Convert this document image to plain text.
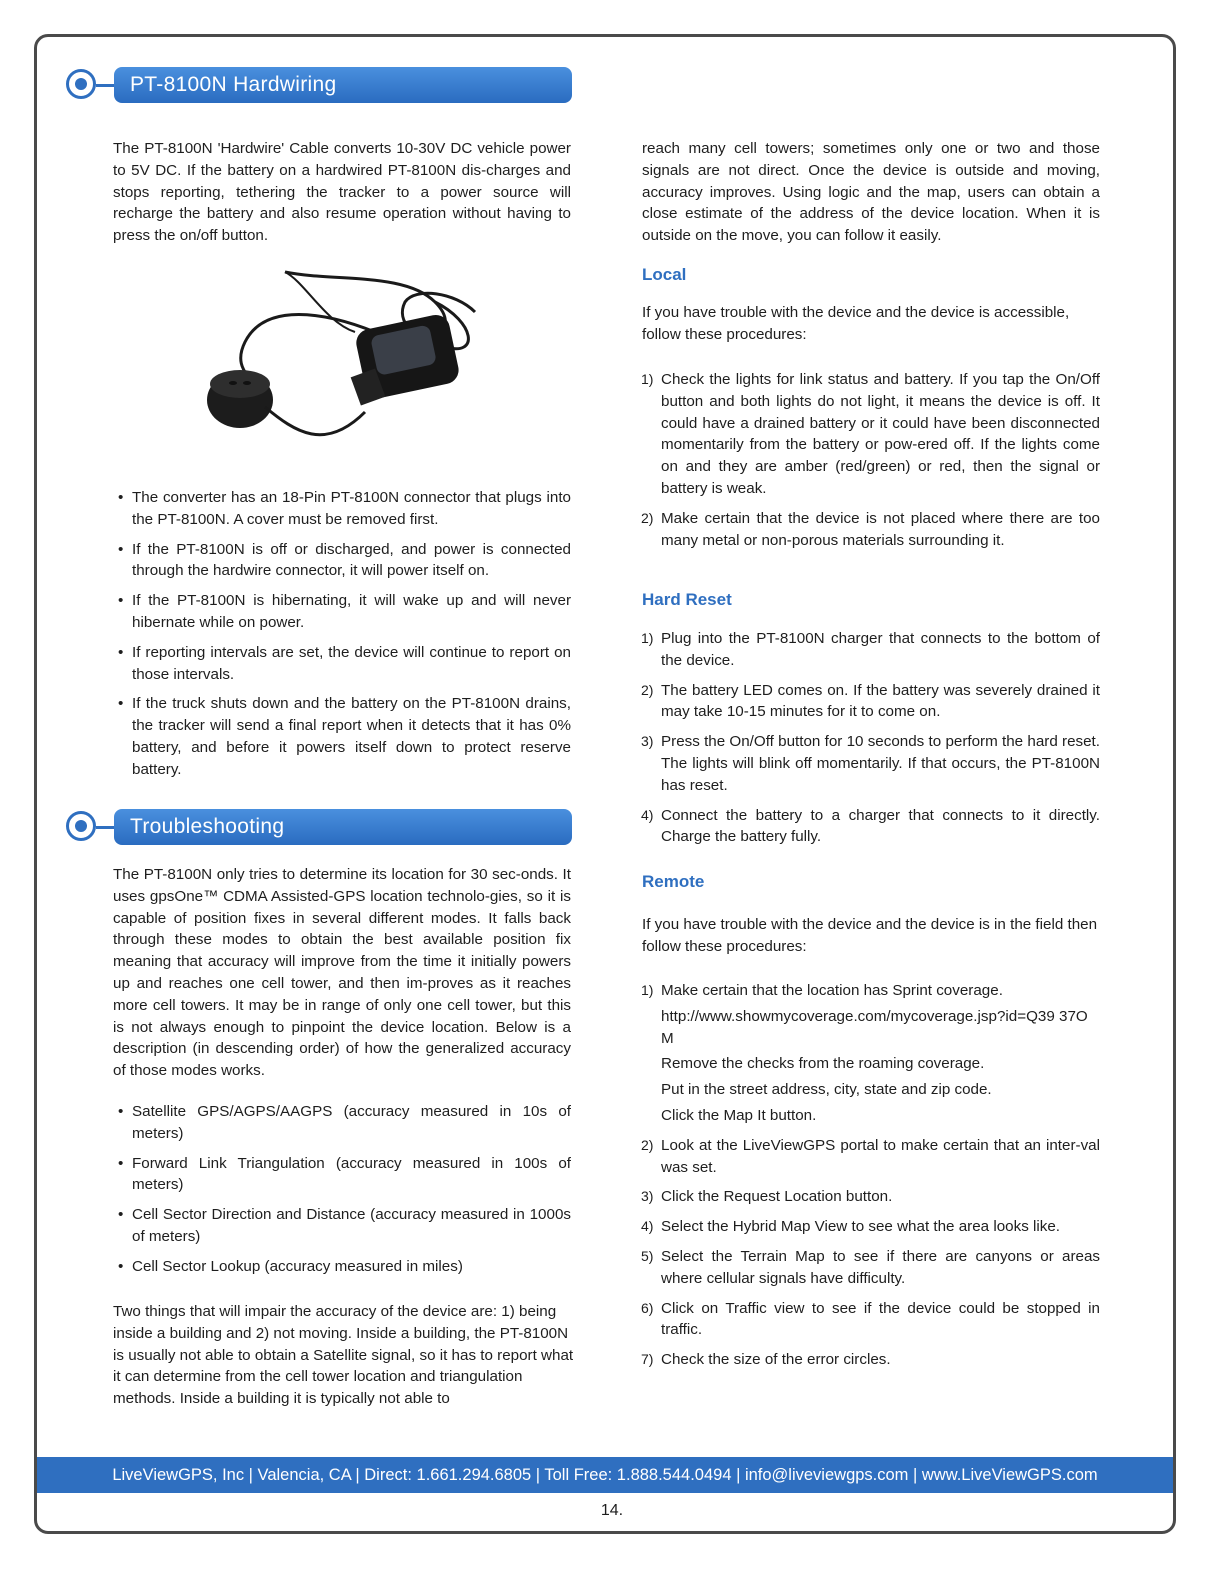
PT-8100N Hardwiring

The PT-8100N 'Hardwire' Cable converts 10-30V DC vehicle power to 5V DC. If the battery on a hardwired PT-8100N dis-charges and stops reporting, tethering the tracker to a power source will recharge the battery and also resume operation without having to press the on/off button.

• The converter has an 18-Pin PT-8100N connector that plugs into the PT-8100N. A cover must be removed first.

• If the PT-8100N is off or discharged, and power is connected through the hardwire connector, it will power itself on.

• If the PT-8100N is hibernating, it will wake up and will never hibernate while on power.

• If reporting intervals are set, the device will continue to report on those intervals.

• If the truck shuts down and the battery on the PT-8100N drains, the tracker will send a final report when it detects that it has 0% battery, and before it powers itself down to protect reserve battery.

Troubleshooting

The PT-8100N only tries to determine its location for 30 sec-onds. It uses gpsOne™ CDMA Assisted-GPS location technolo-gies, so it is capable of position fixes in several different modes. It falls back through these modes to obtain the best available position fix meaning that accuracy will improve from the time it initially powers up and reaches one cell tower, and then im-proves as it reaches more cell towers. It may be in range of only one cell tower, but this is not always enough to pinpoint the device location. Below is a description (in descending order) of how the generalized accuracy of those modes works.

• Satellite GPS/AGPS/AAGPS (accuracy measured in 10s of meters)

• Forward Link Triangulation (accuracy measured in 100s of meters)

• Cell Sector Direction and Distance (accuracy measured in 1000s of meters)

• Cell Sector Lookup (accuracy measured in miles)

Two things that will impair the accuracy of the device are: 1) being inside a building and 2) not moving. Inside a building, the PT-8100N is usually not able to obtain a Satellite signal, so it has to report what it can determine from the cell tower location and triangulation methods. Inside a building it is typically not able to

reach many cell towers; sometimes only one or two and those signals are not direct. Once the device is outside and moving, accuracy improves. Using logic and the map, users can obtain a close estimate of the address of the device location. When it is outside on the move, you can follow it easily.

Local

If you have trouble with the device and the device is accessible, follow these procedures:

1) Check the lights for link status and battery. If you tap the On/Off button and both lights do not light, it means the device is off. It could have a drained battery or it could have been disconnected momentarily from the battery or pow-ered off. If the lights come on and they are amber (red/green) or red, then the signal or battery is weak.
2) Make certain that the device is not placed where there are too many metal or non-porous materials surrounding it.

Hard Reset

1) Plug into the PT-8100N charger that connects to the bottom of the device.
2) The battery LED comes on. If the battery was severely drained it may take 10-15 minutes for it to come on.
3) Press the On/Off button for 10 seconds to perform the hard reset. The lights will blink off momentarily. If that occurs, the PT-8100N has reset.
4) Connect the battery to a charger that connects to it directly. Charge the battery fully.

Remote

If you have trouble with the device and the device is in the field then follow these procedures:

1) Make certain that the location has Sprint coverage.

http://www.showmycoverage.com/mycoverage.jsp?id=Q39 37OM

Remove the checks from the roaming coverage.

Put in the street address, city, state and zip code.

Click the Map It button.

2) Look at the LiveViewGPS portal to make certain that an inter-val was set.
3) Click the Request Location button.
4) Select the Hybrid Map View to see what the area looks like.
5) Select the Terrain Map to see if there are canyons or areas where cellular signals have difficulty.
6) Click on Traffic view to see if the device could be stopped in traffic.
7) Check the size of the error circles.
LiveViewGPS, Inc | Valencia, CA | Direct: 1.661.294.6805 | Toll Free: 1.888.544.0494 | info@liveviewgps.com | www.LiveViewGPS.com
14.
